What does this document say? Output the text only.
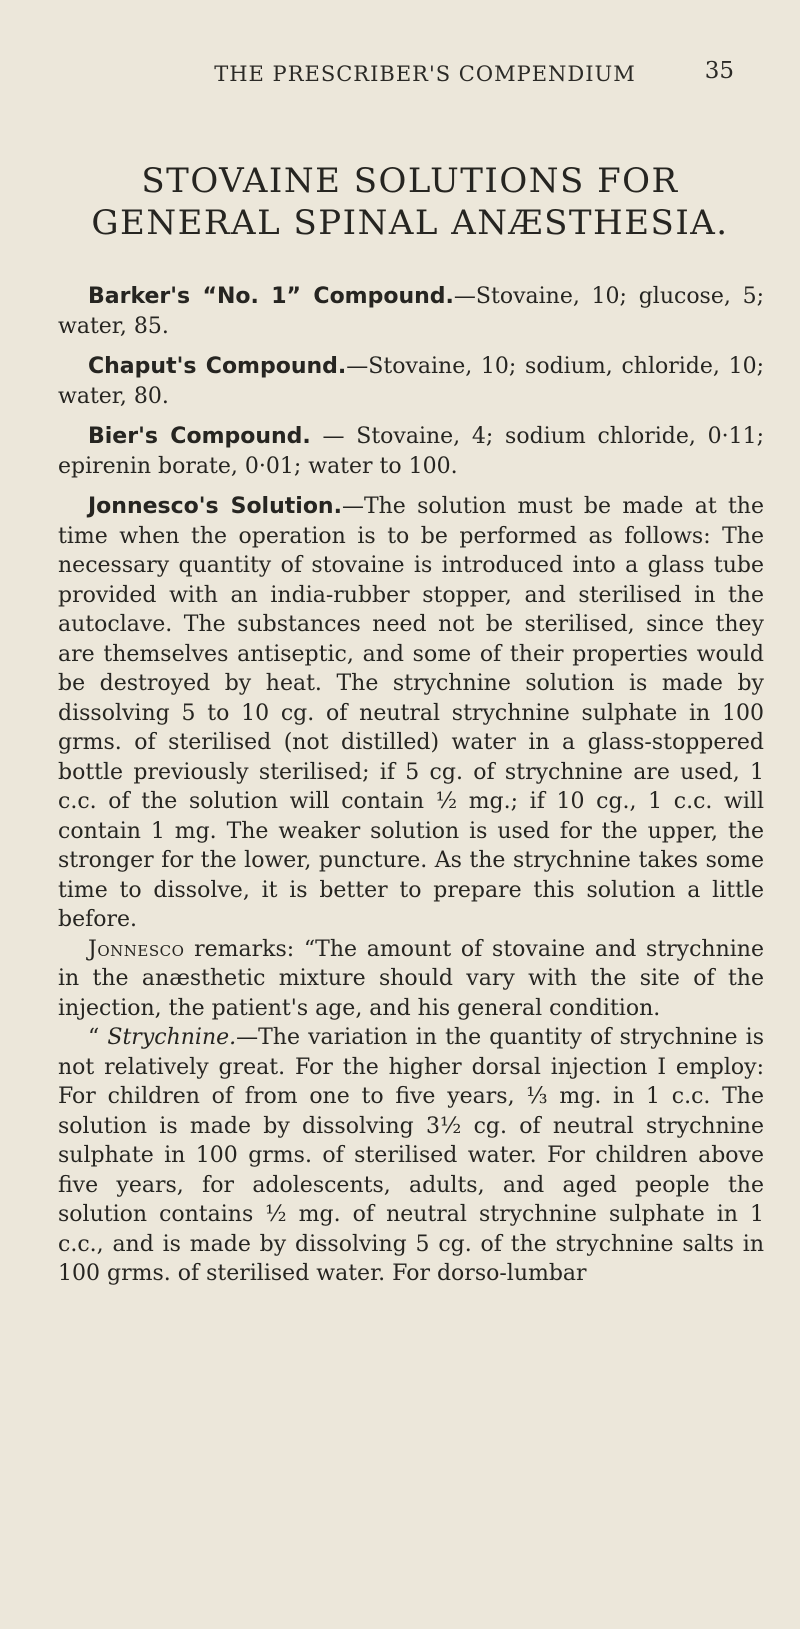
THE PRESCRIBER'S COMPENDIUM	35
STOVAINE SOLUTIONS FOR
GENERAL SPINAL ANÆSTHESIA.

Barker's “No. 1” Compound.—Stovaine, 10; glucose, 5; water, 85.

Chaput's Compound.—Stovaine, 10; sodium, chloride, 10; water, 80.

Bier's Compound. — Stovaine, 4; sodium chloride, 0·11; epirenin borate, 0·01; water to 100.

Jonnesco's Solution.—The solution must be made at the time when the operation is to be performed as follows: The necessary quantity of stovaine is introduced into a glass tube provided with an india-rubber stopper, and sterilised in the autoclave. The substances need not be sterilised, since they are themselves antiseptic, and some of their properties would be destroyed by heat. The strychnine solution is made by dissolving 5 to 10 cg. of neutral strychnine sulphate in 100 grms. of sterilised (not distilled) water in a glass-stoppered bottle previously sterilised; if 5 cg. of strychnine are used, 1 c.c. of the solution will contain ½ mg.; if 10 cg., 1 c.c. will contain 1 mg. The weaker solution is used for the upper, the stronger for the lower, puncture. As the strychnine takes some time to dissolve, it is better to prepare this solution a little before.

Jonnesco remarks: “The amount of stovaine and strychnine in the anæsthetic mixture should vary with the site of the injection, the patient's age, and his general condition.

“ Strychnine.—The variation in the quantity of strychnine is not relatively great. For the higher dorsal injection I employ: For children of from one to five years, ⅓ mg. in 1 c.c. The solution is made by dissolving 3½ cg. of neutral strychnine sulphate in 100 grms. of sterilised water. For children above five years, for adolescents, adults, and aged people the solution contains ½ mg. of neutral strychnine sulphate in 1 c.c., and is made by dissolving 5 cg. of the strychnine salts in 100 grms. of sterilised water. For dorso-lumbar
